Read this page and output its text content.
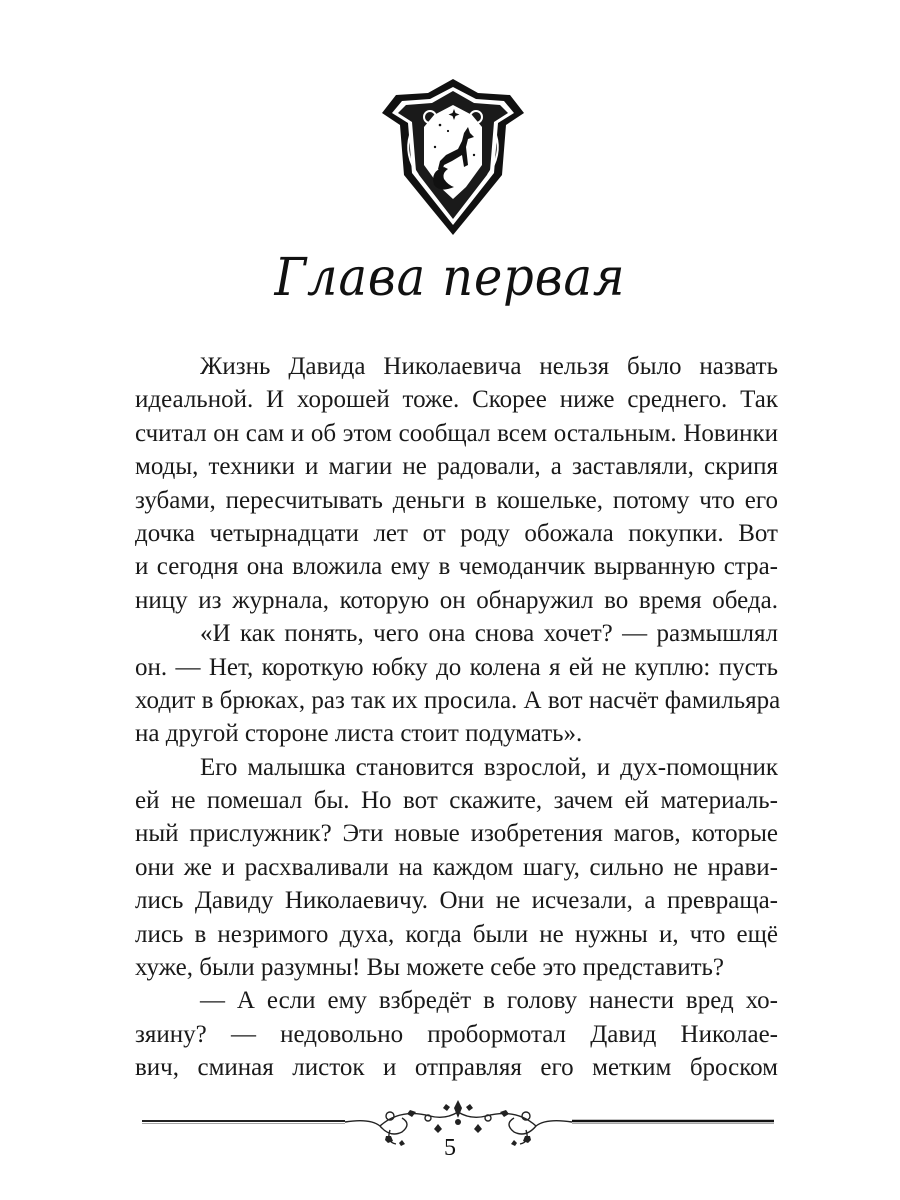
Глава первая
Жизнь Давида Николаевича нельзя было назвать
идеальной. И хорошей тоже. Скорее ниже среднего. Так
считал он сам и об этом сообщал всем остальным. Новинки
моды, техники и магии не радовали, а заставляли, скрипя
зубами, пересчитывать деньги в кошельке, потому что его
дочка четырнадцати лет от роду обожала покупки. Вот
и сегодня она вложила ему в чемоданчик вырванную стра-
ницу из журнала, которую он обнаружил во время обеда.
«И как понять, чего она снова хочет? — размышлял
он. — Нет, короткую юбку до колена я ей не куплю: пусть
ходит в брюках, раз так их просила. А вот насчёт фамильяра
на другой стороне листа стоит подумать».
Его малышка становится взрослой, и дух-помощник
ей не помешал бы. Но вот скажите, зачем ей материаль-
ный прислужник? Эти новые изобретения магов, которые
они же и расхваливали на каждом шагу, сильно не нрави-
лись Давиду Николаевичу. Они не исчезали, а превраща-
лись в незримого духа, когда были не нужны и, что ещё
хуже, были разумны! Вы можете себе это представить?
— А если ему взбредёт в голову нанести вред хо-
зяину? — недовольно пробормотал Давид Николае-
вич, сминая листок и отправляя его метким броском
5
